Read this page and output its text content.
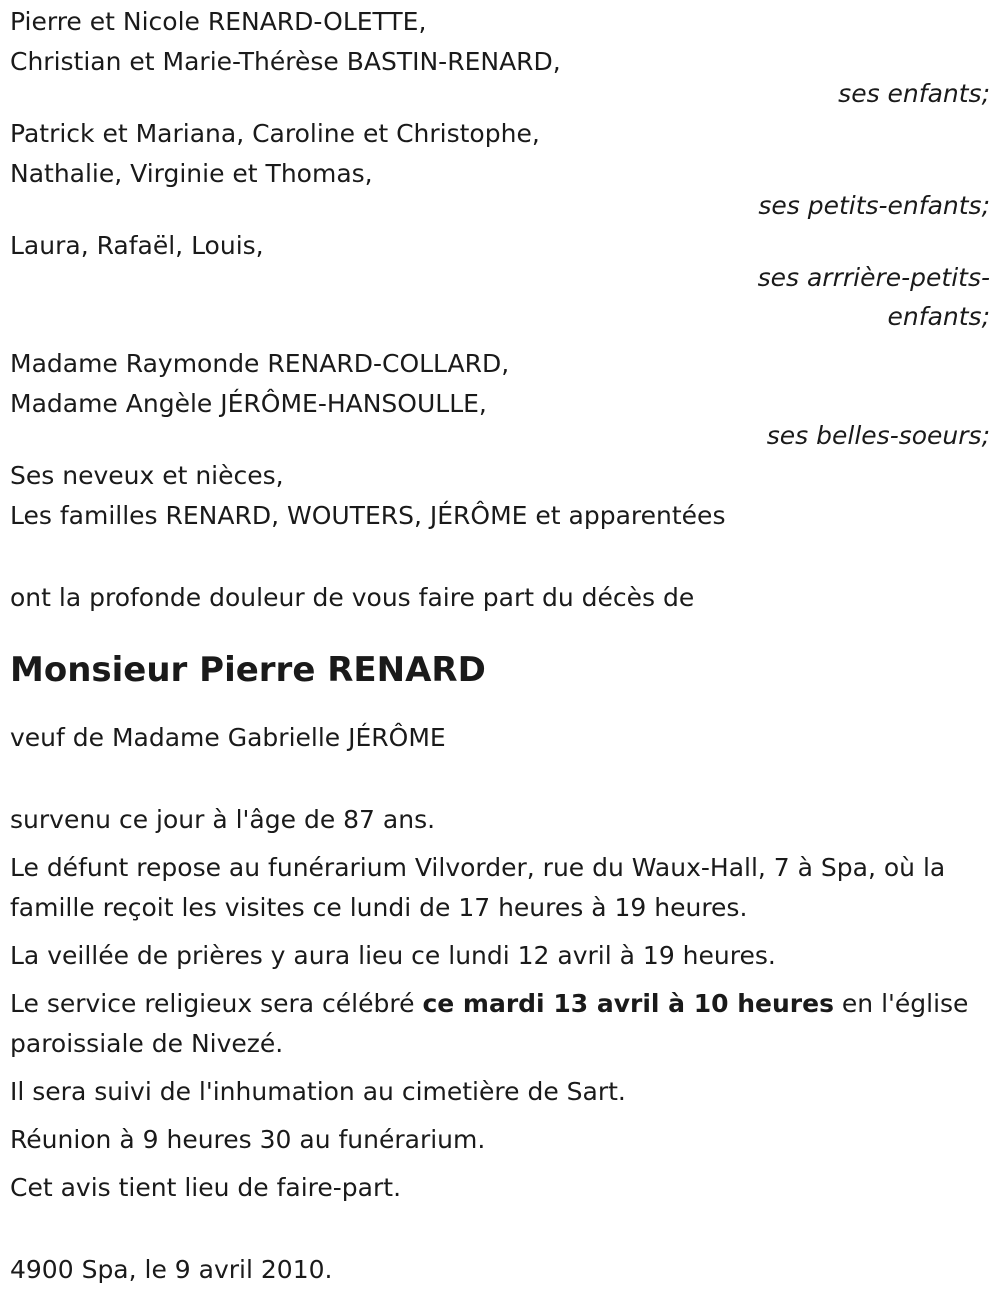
Pierre et Nicole RENARD-OLETTE,
Christian et Marie-Thérèse BASTIN-RENARD,
ses enfants;
Patrick et Mariana, Caroline et Christophe,
Nathalie, Virginie et Thomas,
ses petits-enfants;
Laura, Rafaël, Louis,
ses arrrière-petits-
enfants;
Madame Raymonde RENARD-COLLARD,
Madame Angèle JÉRÔME-HANSOULLE,
ses belles-soeurs;
Ses neveux et nièces,
Les familles RENARD, WOUTERS, JÉRÔME et apparentées
ont la profonde douleur de vous faire part du décès de
Monsieur Pierre RENARD
veuf de Madame Gabrielle JÉRÔME
survenu ce jour à l'âge de 87 ans.
Le défunt repose au funérarium Vilvorder, rue du Waux-Hall, 7 à Spa, où la famille reçoit les visites ce lundi de 17 heures à 19 heures.
La veillée de prières y aura lieu ce lundi 12 avril à 19 heures.
Le service religieux sera célébré ce mardi 13 avril à 10 heures en l'église paroissiale de Nivezé.
Il sera suivi de l'inhumation au cimetière de Sart.
Réunion à 9 heures 30 au funérarium.
Cet avis tient lieu de faire-part.
4900 Spa, le 9 avril 2010.
